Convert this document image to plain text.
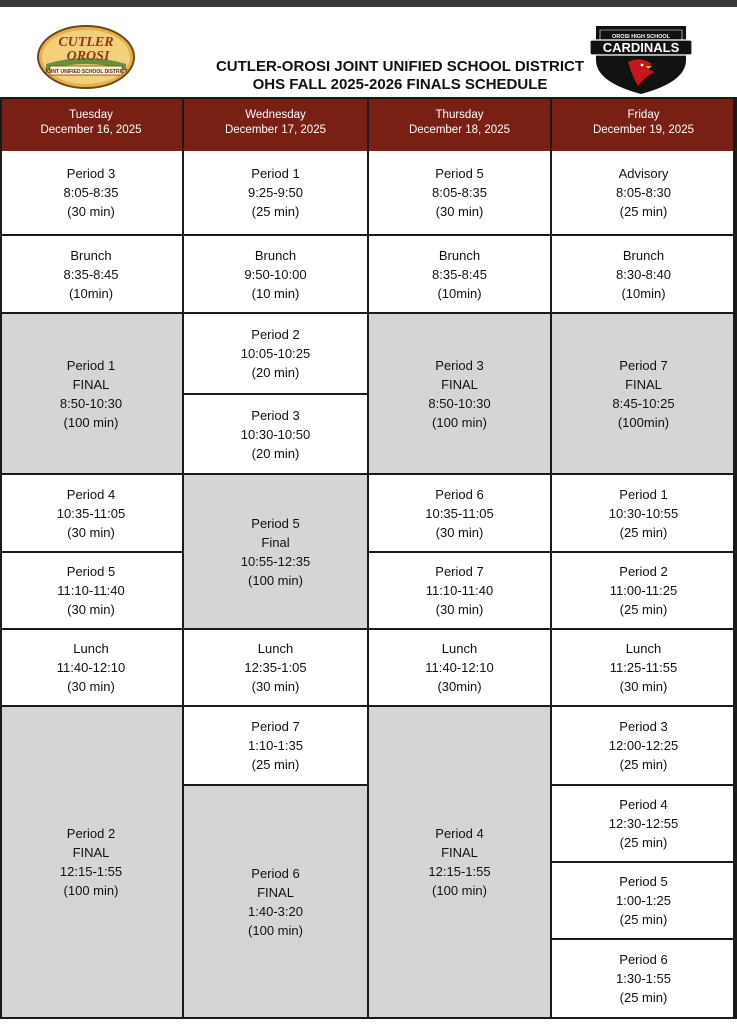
CUTLER
OROSI
JOINT UNIFIED SCHOOL DISTRICT
OROSI HIGH SCHOOL
CARDINALS
CUTLER-OROSI JOINT UNIFIED SCHOOL DISTRICT
OHS FALL 2025-2026 FINALS SCHEDULE
Tuesday
December 16, 2025
Period 3
8:05-8:35
(30 min)
Brunch
8:35-8:45
(10min)
Period 1
FINAL
8:50-10:30
(100 min)
Period 4
10:35-11:05
(30 min)
Period 5
11:10-11:40
(30 min)
Lunch
11:40-12:10
(30 min)
Period 2
FINAL
12:15-1:55
(100 min)
Wednesday
December 17, 2025
Period 1
9:25-9:50
(25 min)
Brunch
9:50-10:00
(10 min)
Period 2
10:05-10:25
(20 min)
Period 3
10:30-10:50
(20 min)
Period 5
Final
10:55-12:35
(100 min)
Lunch
12:35-1:05
(30 min)
Period 7
1:10-1:35
(25 min)
Period 6
FINAL
1:40-3:20
(100 min)
Thursday
December 18, 2025
Period 5
8:05-8:35
(30 min)
Brunch
8:35-8:45
(10min)
Period 3
FINAL
8:50-10:30
(100 min)
Period 6
10:35-11:05
(30 min)
Period 7
11:10-11:40
(30 min)
Lunch
11:40-12:10
(30min)
Period 4
FINAL
12:15-1:55
(100 min)
Friday
December 19, 2025
Advisory
8:05-8:30
(25 min)
Brunch
8:30-8:40
(10min)
Period 7
FINAL
8:45-10:25
(100min)
Period 1
10:30-10:55
(25 min)
Period 2
11:00-11:25
(25 min)
Lunch
11:25-11:55
(30 min)
Period 3
12:00-12:25
(25 min)
Period 4
12:30-12:55
(25 min)
Period 5
1:00-1:25
(25 min)
Period 6
1:30-1:55
(25 min)
